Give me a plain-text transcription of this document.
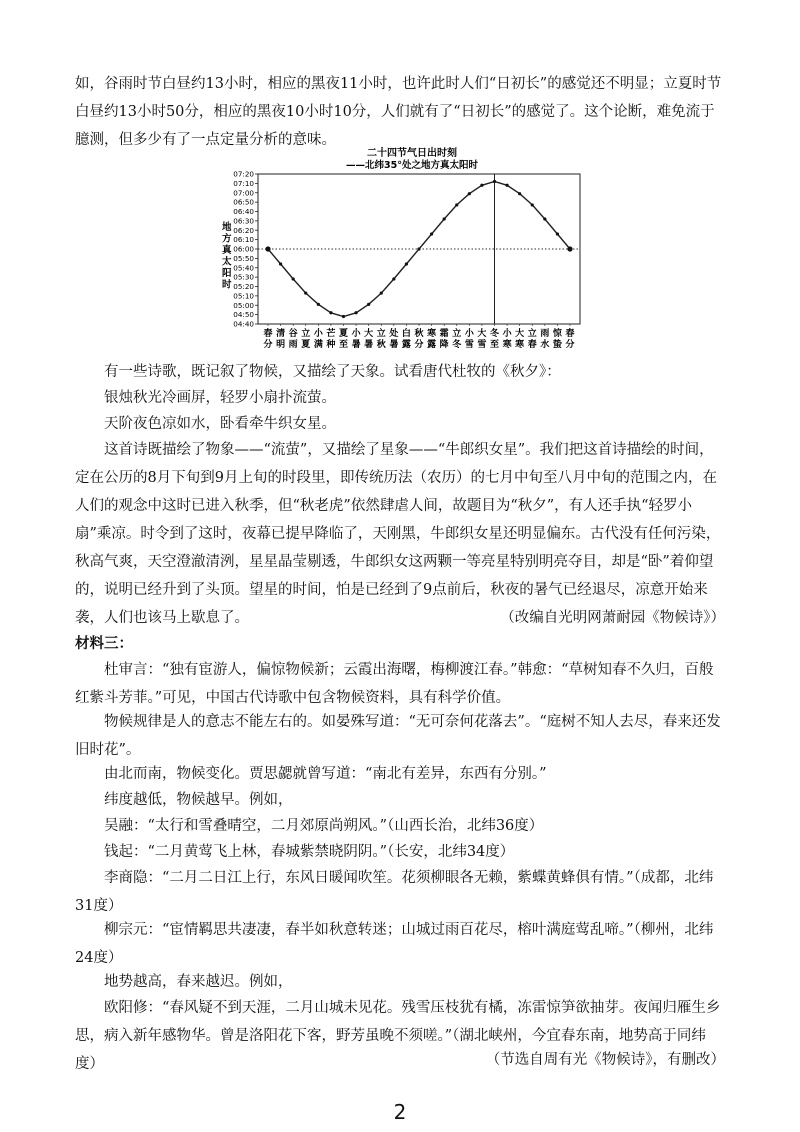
如，谷雨时节白昼约13小时，相应的黑夜11小时，也许此时人们“日初长”的感觉还不明显；立夏时节白昼约13小时50分，相应的黑夜10小时10分，人们就有了“日初长”的感觉了。这个论断，难免流于臆测，但多少有了一点定量分析的意味。

二十四节气日出时刻
——北纬35°处之地方真太阳时
地方真太阳时
07:20
07:10
07:00
06:50
06:40
06:30
06:20
06:10
06:00
05:50
05:40
05:30
05:20
05:10
05:00
04:50
04:40
春分
清明
谷雨
立夏
小满
芒种
夏至
小暑
大暑
立秋
处暑
白露
秋分
寒露
霜降
立冬
小雪
大雪
冬至
小寒
大寒
立春
雨水
惊蛰
春分

有一些诗歌，既记叙了物候，又描绘了天象。试看唐代杜牧的《秋夕》：

银烛秋光冷画屏，轻罗小扇扑流萤。

天阶夜色凉如水，卧看牵牛织女星。

这首诗既描绘了物象——“流萤”，又描绘了星象——“牛郎织女星”。我们把这首诗描绘的时间，定在公历的8月下旬到9月上旬的时段里，即传统历法（农历）的七月中旬至八月中旬的范围之内，在人们的观念中这时已进入秋季，但“秋老虎”依然肆虐人间，故题目为“秋夕”，有人还手执“轻罗小扇”乘凉。时令到了这时，夜幕已提早降临了，天刚黑，牛郎织女星还明显偏东。古代没有任何污染，秋高气爽，天空澄澈清洌，星星晶莹剔透，牛郎织女这两颗一等亮星特别明亮夺目，却是“卧”着仰望的，说明已经升到了头顶。望星的时间，怕是已经到了9点前后，秋夜的暑气已经退尽，凉意开始来袭，人们也该马上歇息了。	（改编自光明网萧耐园《物候诗》）

材料三：

杜审言：“独有宦游人，偏惊物候新；云霞出海曙，梅柳渡江春。”韩愈：“草树知春不久归，百般红紫斗芳菲。”可见，中国古代诗歌中包含物候资料，具有科学价值。

物候规律是人的意志不能左右的。如晏殊写道：“无可奈何花落去”。“庭树不知人去尽，春来还发旧时花”。

由北而南，物候变化。贾思勰就曾写道：“南北有差异，东西有分别。”

纬度越低，物候越早。例如，

吴融：“太行和雪叠晴空，二月郊原尚朔风。”（山西长治，北纬36度）

钱起：“二月黄莺飞上林，春城紫禁晓阴阴。”（长安，北纬34度）

李商隐：“二月二日江上行，东风日暖闻吹笙。花须柳眼各无赖，紫蝶黄蜂俱有情。”（成都，北纬31度）

柳宗元：“宦情羁思共凄凄，春半如秋意转迷；山城过雨百花尽，榕叶满庭莺乱啼。”（柳州，北纬24度）

地势越高，春来越迟。例如，

欧阳修：“春风疑不到天涯，二月山城未见花。残雪压枝犹有橘，冻雷惊笋欲抽芽。夜闻归雁生乡思，病入新年感物华。曾是洛阳花下客，野芳虽晚不须嗟。”（湖北峡州，今宜春东南，地势高于同纬度）	（节选自周有光《物候诗》，有删改）

2
